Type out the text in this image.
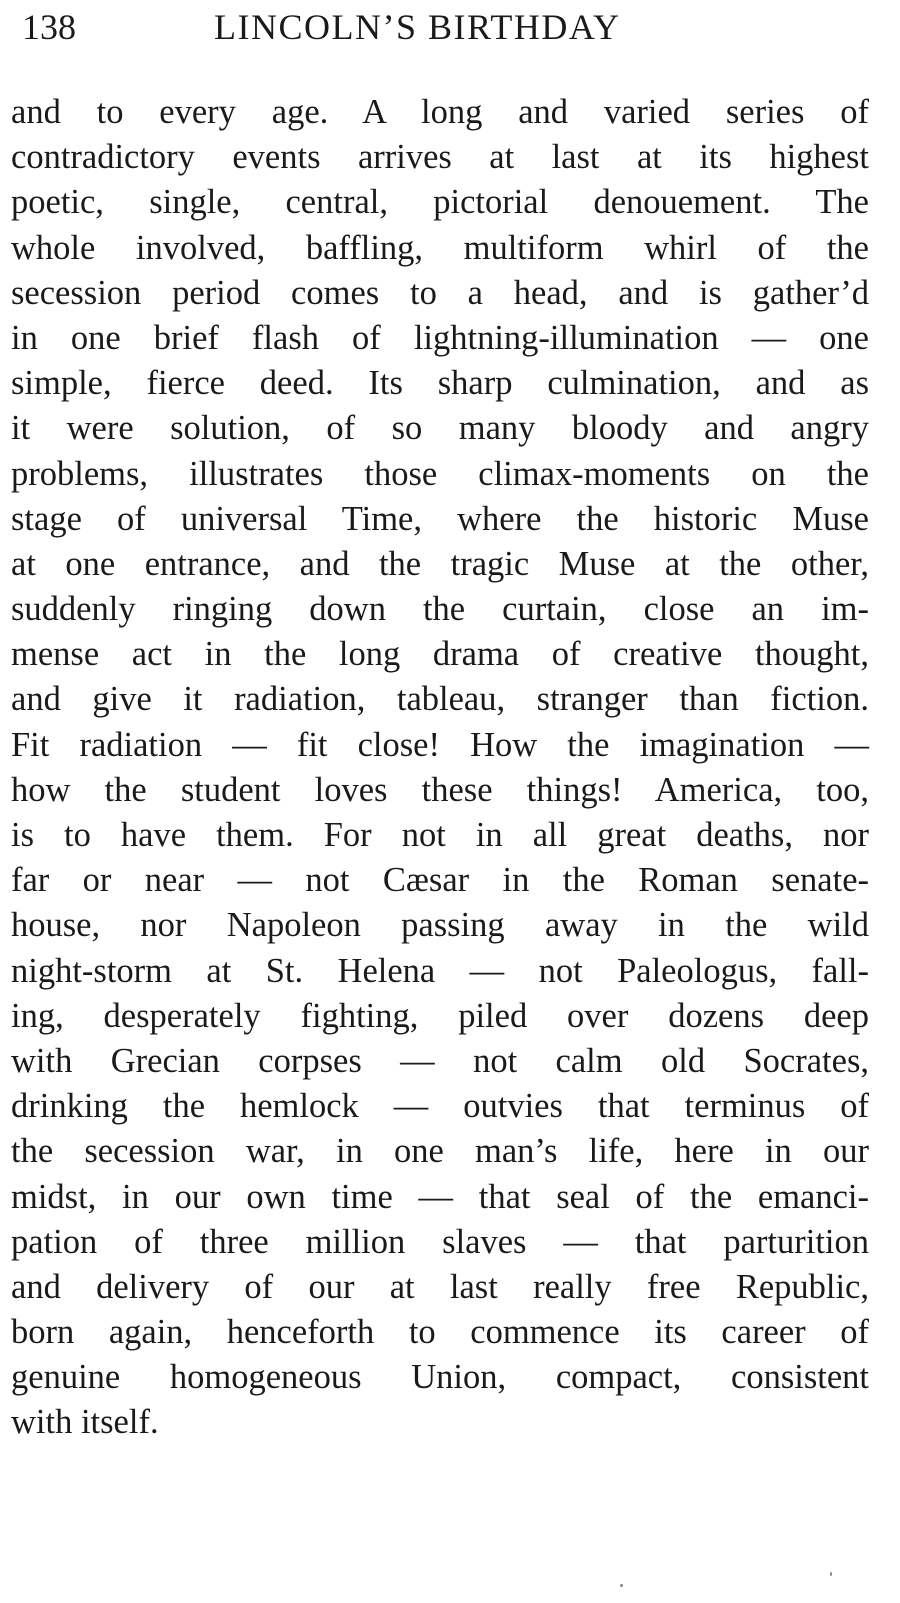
138	LINCOLN’S BIRTHDAY
and to every age. A long and varied series of
contradictory events arrives at last at its highest
poetic, single, central, pictorial denouement. The
whole involved, baffling, multiform whirl of the
secession period comes to a head, and is gather’d
in one brief flash of lightning-illumination — one
simple, fierce deed. Its sharp culmination, and as
it were solution, of so many bloody and angry
problems, illustrates those climax-moments on the
stage of universal Time, where the historic Muse
at one entrance, and the tragic Muse at the other,
suddenly ringing down the curtain, close an im-
mense act in the long drama of creative thought,
and give it radiation, tableau, stranger than fiction.
Fit radiation — fit close! How the imagination —
how the student loves these things! America, too,
is to have them. For not in all great deaths, nor
far or near — not Cæsar in the Roman senate-
house, nor Napoleon passing away in the wild
night-storm at St. Helena — not Paleologus, fall-
ing, desperately fighting, piled over dozens deep
with Grecian corpses — not calm old Socrates,
drinking the hemlock — outvies that terminus of
the secession war, in one man’s life, here in our
midst, in our own time — that seal of the emanci-
pation of three million slaves — that parturition
and delivery of our at last really free Republic,
born again, henceforth to commence its career of
genuine homogeneous Union, compact, consistent
with itself.
